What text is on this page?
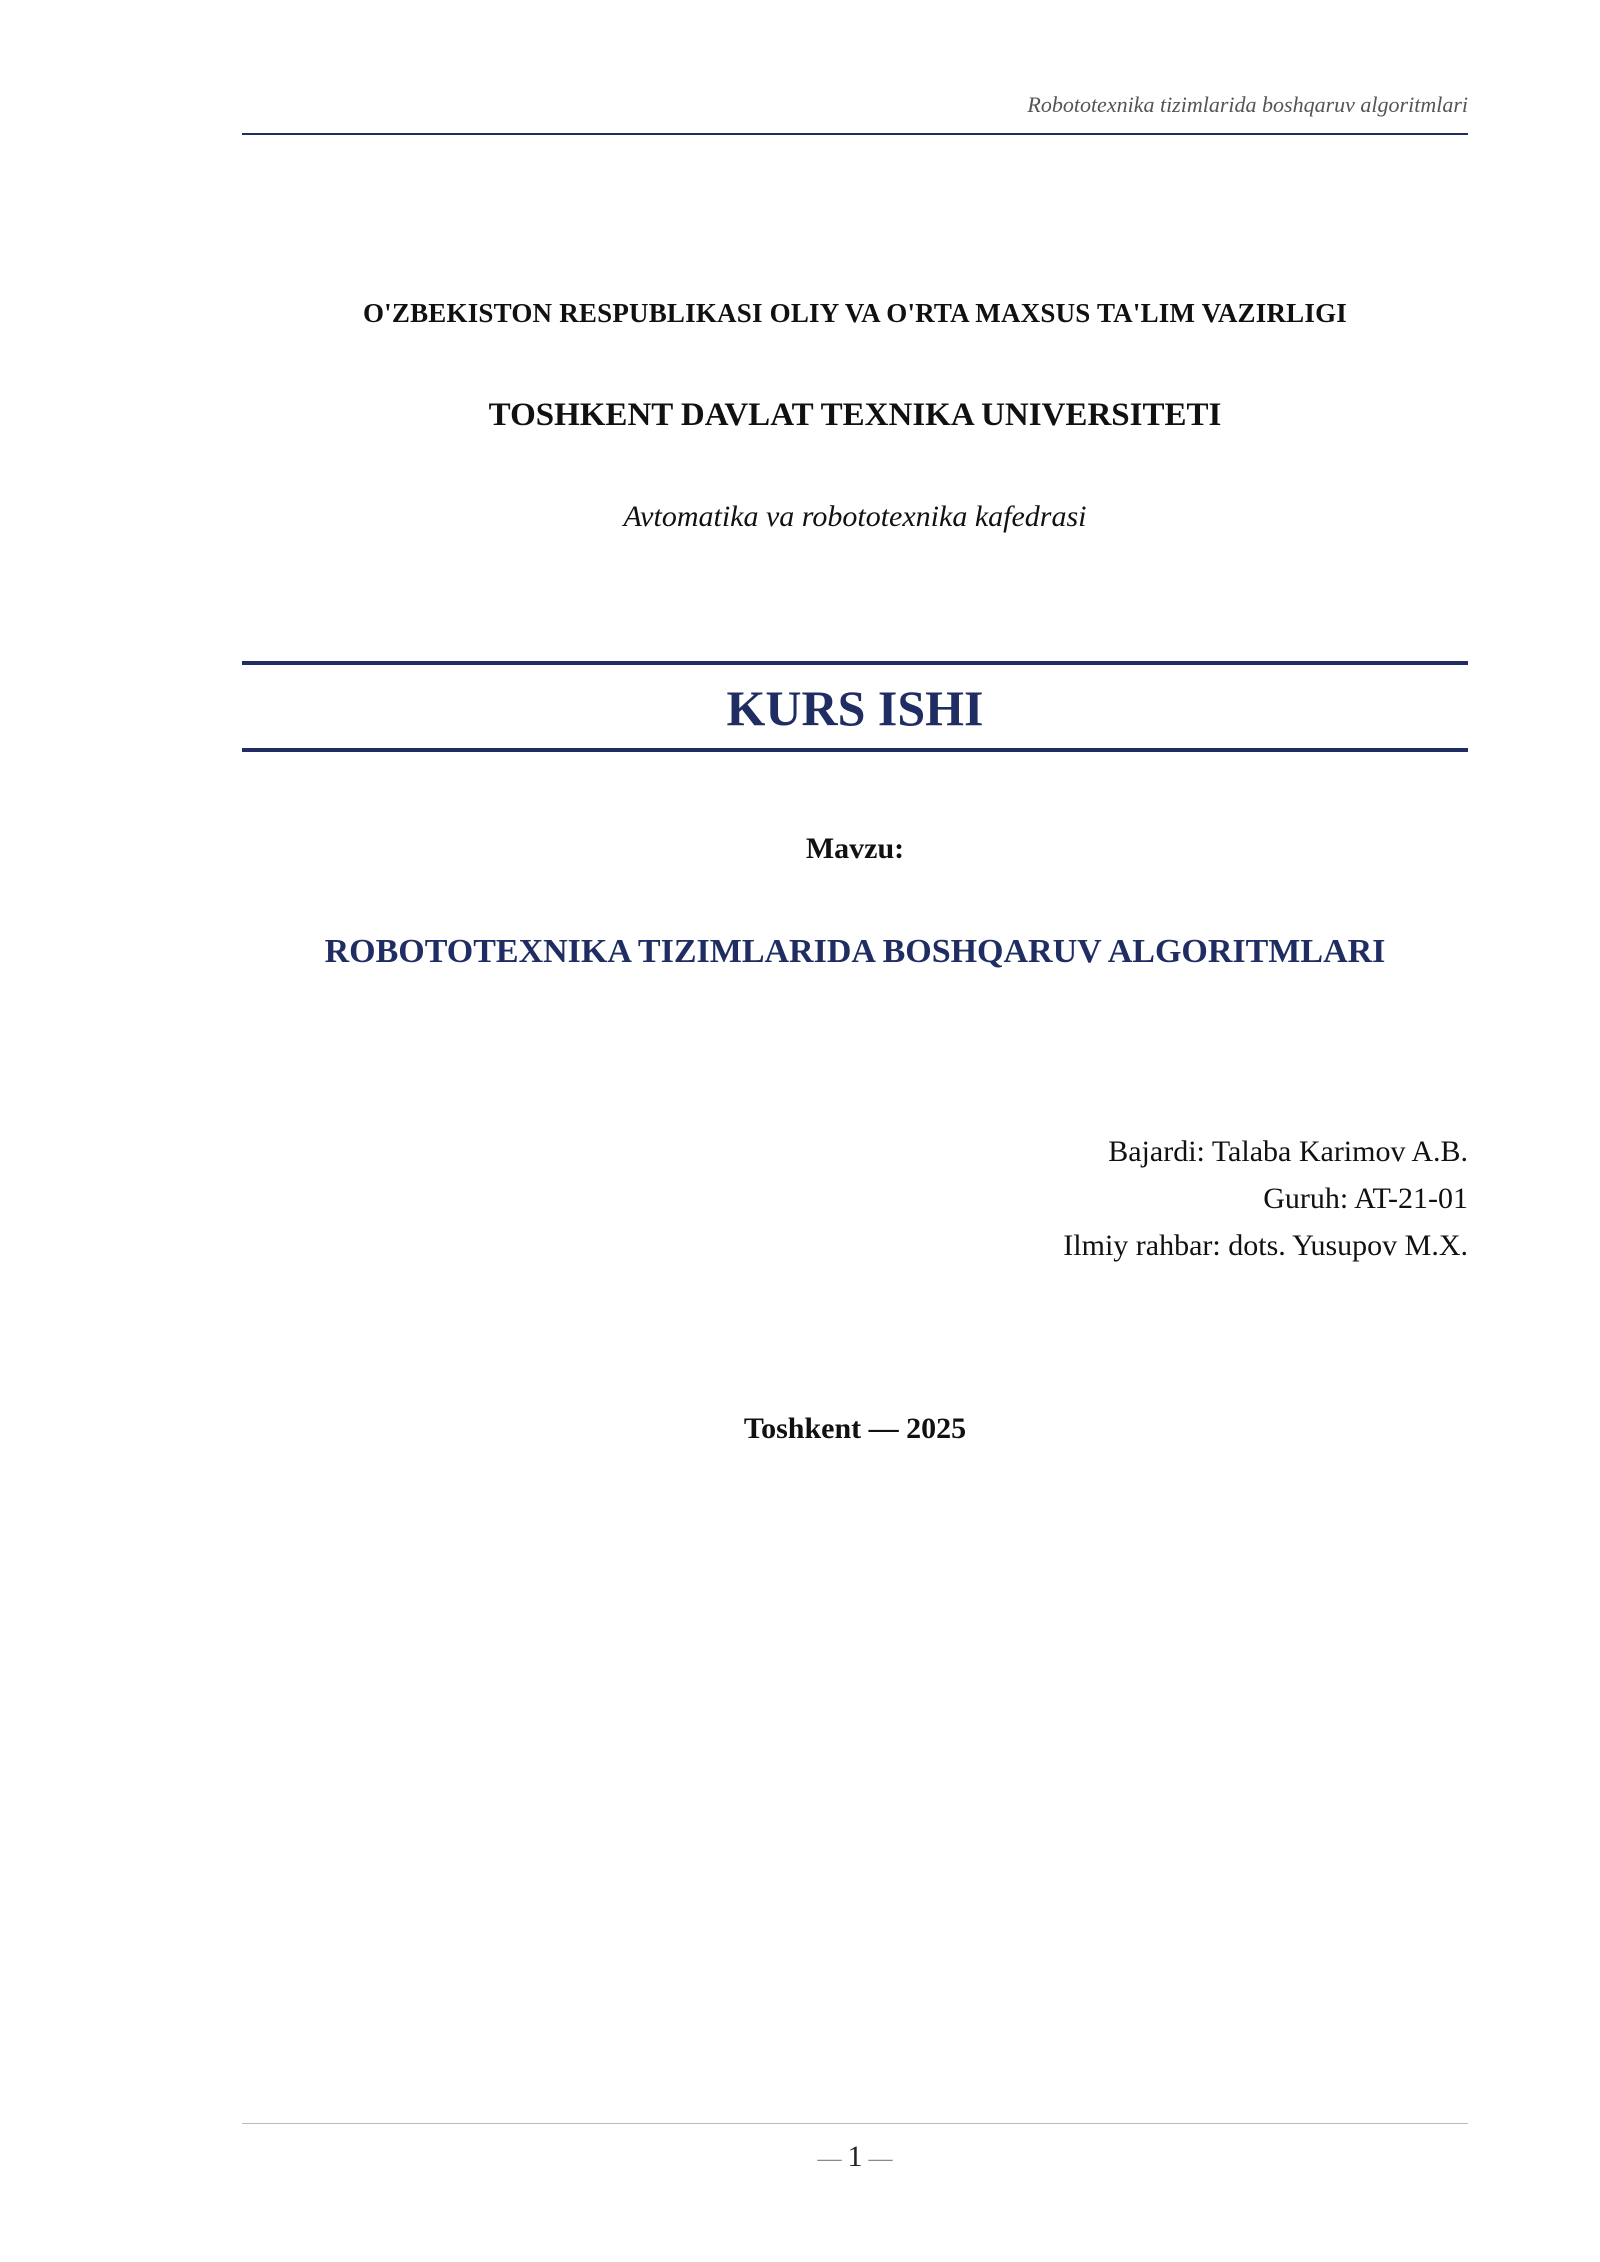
Robototexnika tizimlarida boshqaruv algoritmlari
O'ZBEKISTON RESPUBLIKASI OLIY VA O'RTA MAXSUS TA'LIM VAZIRLIGI
TOSHKENT DAVLAT TEXNIKA UNIVERSITETI
Avtomatika va robototexnika kafedrasi
KURS ISHI
Mavzu:
ROBOTOTEXNIKA TIZIMLARIDA BOSHQARUV ALGORITMLARI
Bajardi: Talaba Karimov A.B.
Guruh: AT-21-01
Ilmiy rahbar: dots. Yusupov M.X.
Toshkent — 2025
— 1 —
